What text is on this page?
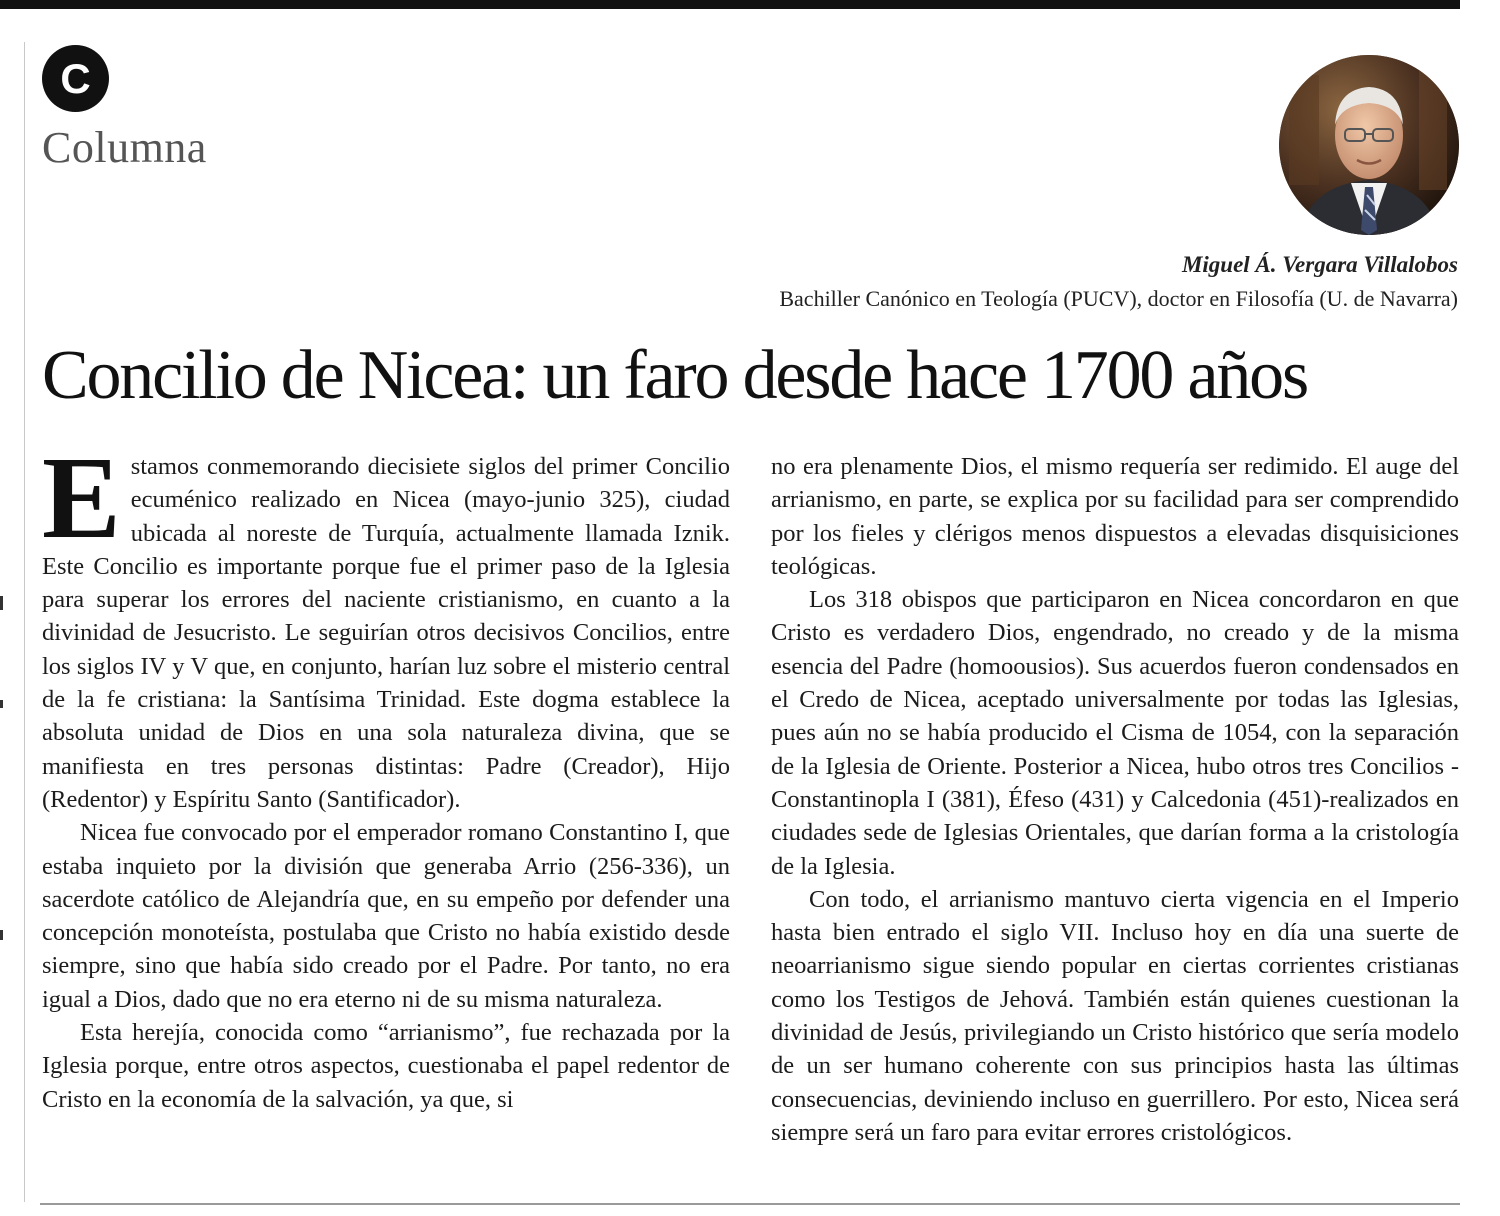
C
Columna
Miguel Á. Vergara Villalobos
Bachiller Canónico en Teología (PUCV), doctor en Filosofía (U. de Navarra)
Concilio de Nicea: un faro desde hace 1700 años

Estamos conmemorando diecisiete siglos del primer Concilio ecuménico realizado en Nicea (mayo-junio 325), ciudad ubicada al noreste de Turquía, actualmente llamada Iznik. Este Concilio es importante porque fue el primer paso de la Iglesia para superar los errores del naciente cristianismo, en cuanto a la divinidad de Jesucristo. Le seguirían otros decisivos Concilios, entre los siglos IV y V que, en conjunto, harían luz sobre el misterio central de la fe cristiana: la Santísima Trinidad. Este dogma establece la absoluta unidad de Dios en una sola naturaleza divina, que se manifiesta en tres personas distintas: Padre (Creador), Hijo (Redentor) y Espíritu Santo (Santificador).

Nicea fue convocado por el emperador romano Constantino I, que estaba inquieto por la división que generaba Arrio (256-336), un sacerdote católico de Alejandría que, en su empeño por defender una concepción monoteísta, postulaba que Cristo no había existido desde siempre, sino que había sido creado por el Padre. Por tanto, no era igual a Dios, dado que no era eterno ni de su misma naturaleza.

Esta herejía, conocida como “arrianismo”, fue rechazada por la Iglesia porque, entre otros aspectos, cuestionaba el papel redentor de Cristo en la economía de la salvación, ya que, si

no era plenamente Dios, el mismo requería ser redimido. El auge del arrianismo, en parte, se explica por su facilidad para ser comprendido por los fieles y clérigos menos dispuestos a elevadas disquisiciones teológicas.

Los 318 obispos que participaron en Nicea concordaron en que Cristo es verdadero Dios, engendrado, no creado y de la misma esencia del Padre (homoousios). Sus acuerdos fueron condensados en el Credo de Nicea, aceptado universalmente por todas las Iglesias, pues aún no se había producido el Cisma de 1054, con la separación de la Iglesia de Oriente. Posterior a Nicea, hubo otros tres Concilios -Constantinopla I (381), Éfeso (431) y Calcedonia (451)-realizados en ciudades sede de Iglesias Orientales, que darían forma a la cristología de la Iglesia.

Con todo, el arrianismo mantuvo cierta vigencia en el Imperio hasta bien entrado el siglo VII. Incluso hoy en día una suerte de neoarrianismo sigue siendo popular en ciertas corrientes cristianas como los Testigos de Jehová. También están quienes cuestionan la divinidad de Jesús, privilegiando un Cristo histórico que sería modelo de un ser humano coherente con sus principios hasta las últimas consecuencias, deviniendo incluso en guerrillero. Por esto, Nicea será siempre será un faro para evitar errores cristológicos.
